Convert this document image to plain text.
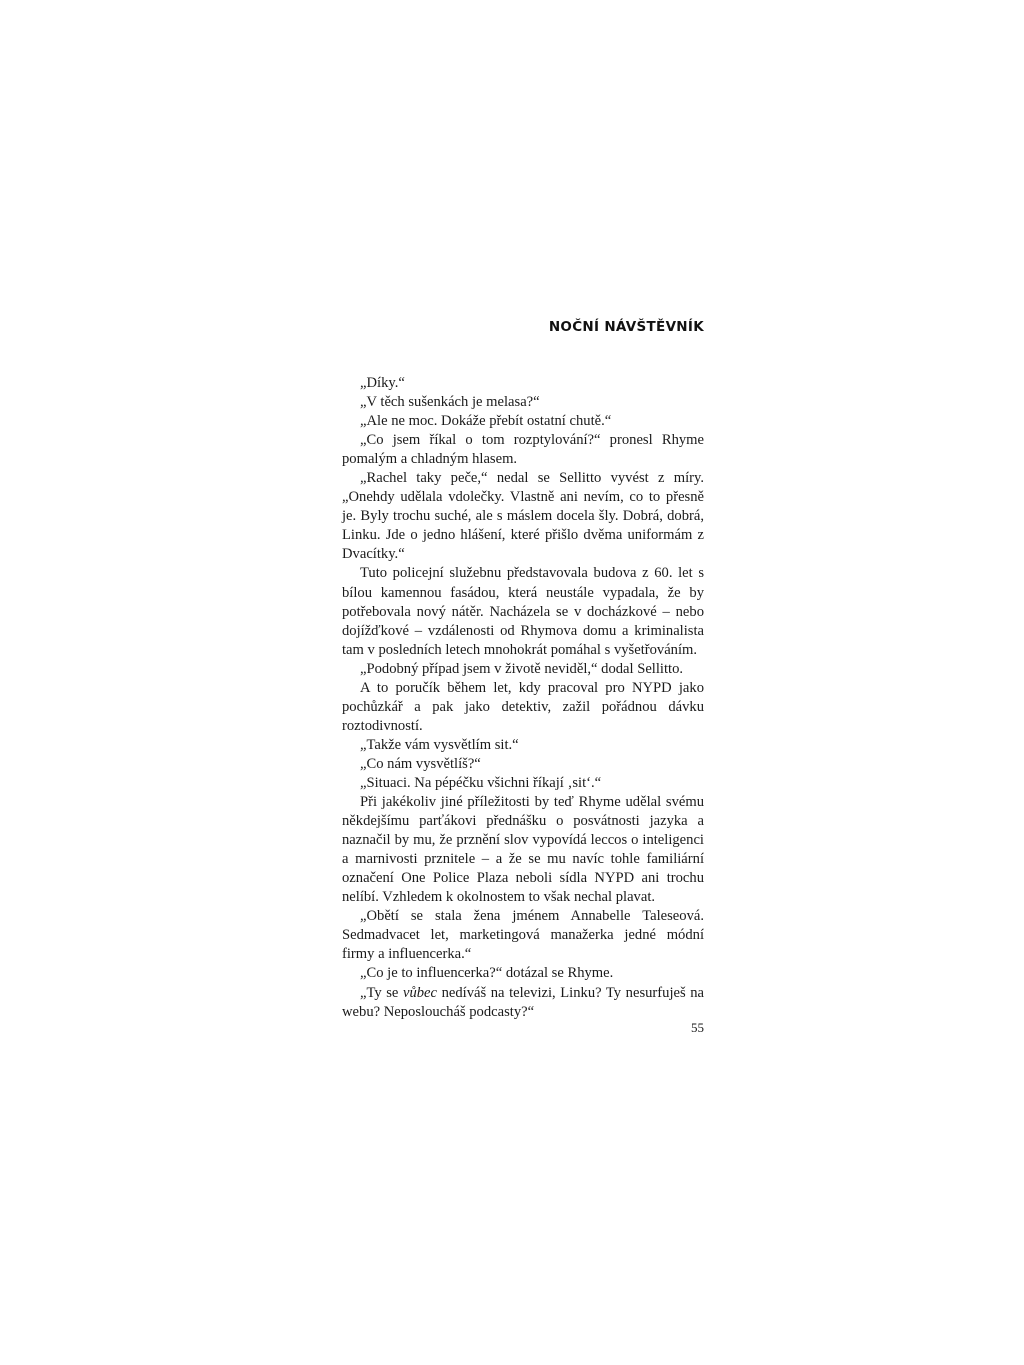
NOČNÍ NÁVŠTĚVNÍK
„Díky.“
„V těch sušenkách je melasa?“
„Ale ne moc. Dokáže přebít ostatní chutě.“
„Co jsem říkal o tom rozptylování?“ pronesl Rhyme pomalým a chladným hlasem.
„Rachel taky peče,“ nedal se Sellitto vyvést z míry. „Onehdy udělala vdolečky. Vlastně ani nevím, co to přesně je. Byly trochu suché, ale s máslem docela šly. Dobrá, dobrá, Linku. Jde o jedno hlášení, které přišlo dvěma uniformám z Dvacítky.“
Tuto policejní služebnu představovala budova z 60. let s bílou kamennou fasádou, která neustále vypadala, že by potřebovala nový nátěr. Nacházela se v docházkové – nebo dojížďkové – vzdálenosti od Rhymova domu a kriminalista tam v posledních letech mnohokrát pomáhal s vyšetřováním.
„Podobný případ jsem v životě neviděl,“ dodal Sellitto.
A to poručík během let, kdy pracoval pro NYPD jako pochůzkář a pak jako detektiv, zažil pořádnou dávku roztodivností.
„Takže vám vysvětlím sit.“
„Co nám vysvětlíš?“
„Situaci. Na pépéčku všichni říkají ‚sit‘.“
Při jakékoliv jiné příležitosti by teď Rhyme udělal svému někdejšímu parťákovi přednášku o posvátnosti jazyka a naznačil by mu, že prznění slov vypovídá leccos o inteligenci a marnivosti prznitele – a že se mu navíc tohle familiární označení One Police Plaza neboli sídla NYPD ani trochu nelíbí. Vzhledem k okolnostem to však nechal plavat.
„Obětí se stala žena jménem Annabelle Taleseová. Sedmadvacet let, marketingová manažerka jedné módní firmy a influencerka.“
„Co je to influencerka?“ dotázal se Rhyme.
„Ty se vůbec nedíváš na televizi, Linku? Ty nesurfuješ na webu? Neposloucháš podcasty?“
55
